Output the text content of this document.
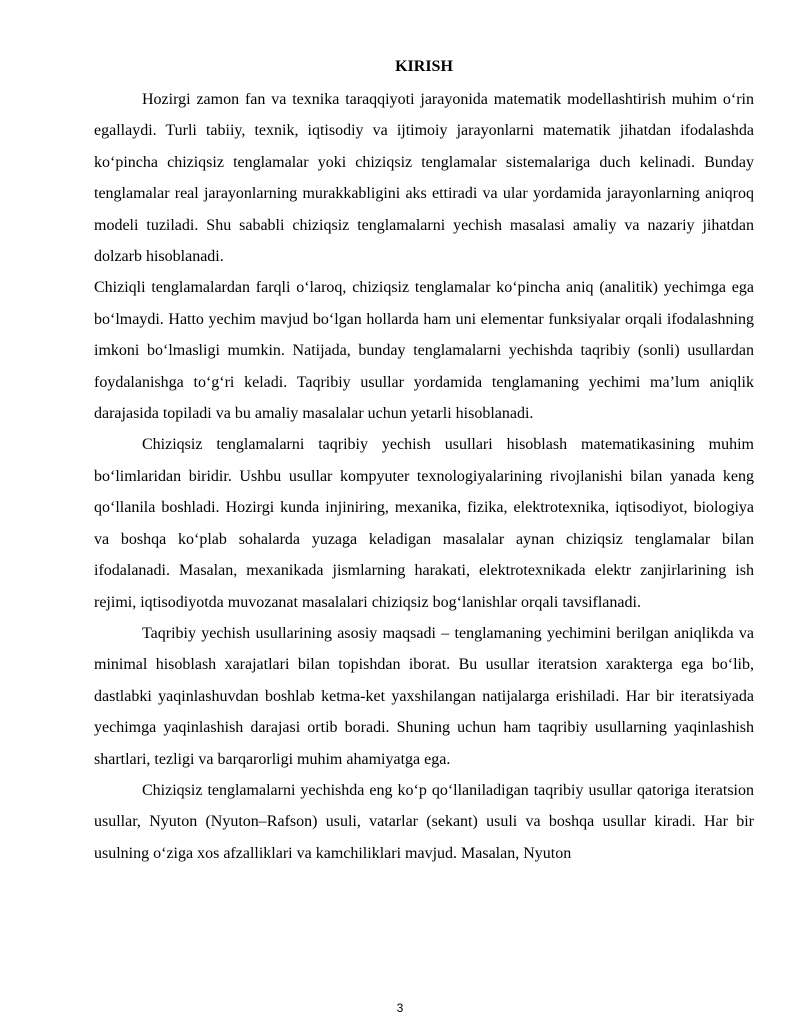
KIRISH

Hozirgi zamon fan va texnika taraqqiyoti jarayonida matematik modellashtirish muhim o‘rin egallaydi. Turli tabiiy, texnik, iqtisodiy va ijtimoiy jarayonlarni matematik jihatdan ifodalashda ko‘pincha chiziqsiz tenglamalar yoki chiziqsiz tenglamalar sistemalariga duch kelinadi. Bunday tenglamalar real jarayonlarning murakkabligini aks ettiradi va ular yordamida jarayonlarning aniqroq modeli tuziladi. Shu sababli chiziqsiz tenglamalarni yechish masalasi amaliy va nazariy jihatdan dolzarb hisoblanadi.

Chiziqli tenglamalardan farqli o‘laroq, chiziqsiz tenglamalar ko‘pincha aniq (analitik) yechimga ega bo‘lmaydi. Hatto yechim mavjud bo‘lgan hollarda ham uni elementar funksiyalar orqali ifodalashning imkoni bo‘lmasligi mumkin. Natijada, bunday tenglamalarni yechishda taqribiy (sonli) usullardan foydalanishga to‘g‘ri keladi. Taqribiy usullar yordamida tenglamaning yechimi ma’lum aniqlik darajasida topiladi va bu amaliy masalalar uchun yetarli hisoblanadi.

Chiziqsiz tenglamalarni taqribiy yechish usullari hisoblash matematikasining muhim bo‘limlaridan biridir. Ushbu usullar kompyuter texnologiyalarining rivojlanishi bilan yanada keng qo‘llanila boshladi. Hozirgi kunda injiniring, mexanika, fizika, elektrotexnika, iqtisodiyot, biologiya va boshqa ko‘plab sohalarda yuzaga keladigan masalalar aynan chiziqsiz tenglamalar bilan ifodalanadi. Masalan, mexanikada jismlarning harakati, elektrotexnikada elektr zanjirlarining ish rejimi, iqtisodiyotda muvozanat masalalari chiziqsiz bog‘lanishlar orqali tavsiflanadi.

Taqribiy yechish usullarining asosiy maqsadi – tenglamaning yechimini berilgan aniqlikda va minimal hisoblash xarajatlari bilan topishdan iborat. Bu usullar iteratsion xarakterga ega bo‘lib, dastlabki yaqinlashuvdan boshlab ketma-ket yaxshilangan natijalarga erishiladi. Har bir iteratsiyada yechimga yaqinlashish darajasi ortib boradi. Shuning uchun ham taqribiy usullarning yaqinlashish shartlari, tezligi va barqarorligi muhim ahamiyatga ega.

Chiziqsiz tenglamalarni yechishda eng ko‘p qo‘llaniladigan taqribiy usullar qatoriga iteratsion usullar, Nyuton (Nyuton–Rafson) usuli, vatarlar (sekant) usuli va boshqa usullar kiradi. Har bir usulning o‘ziga xos afzalliklari va kamchiliklari mavjud. Masalan, Nyuton

3
